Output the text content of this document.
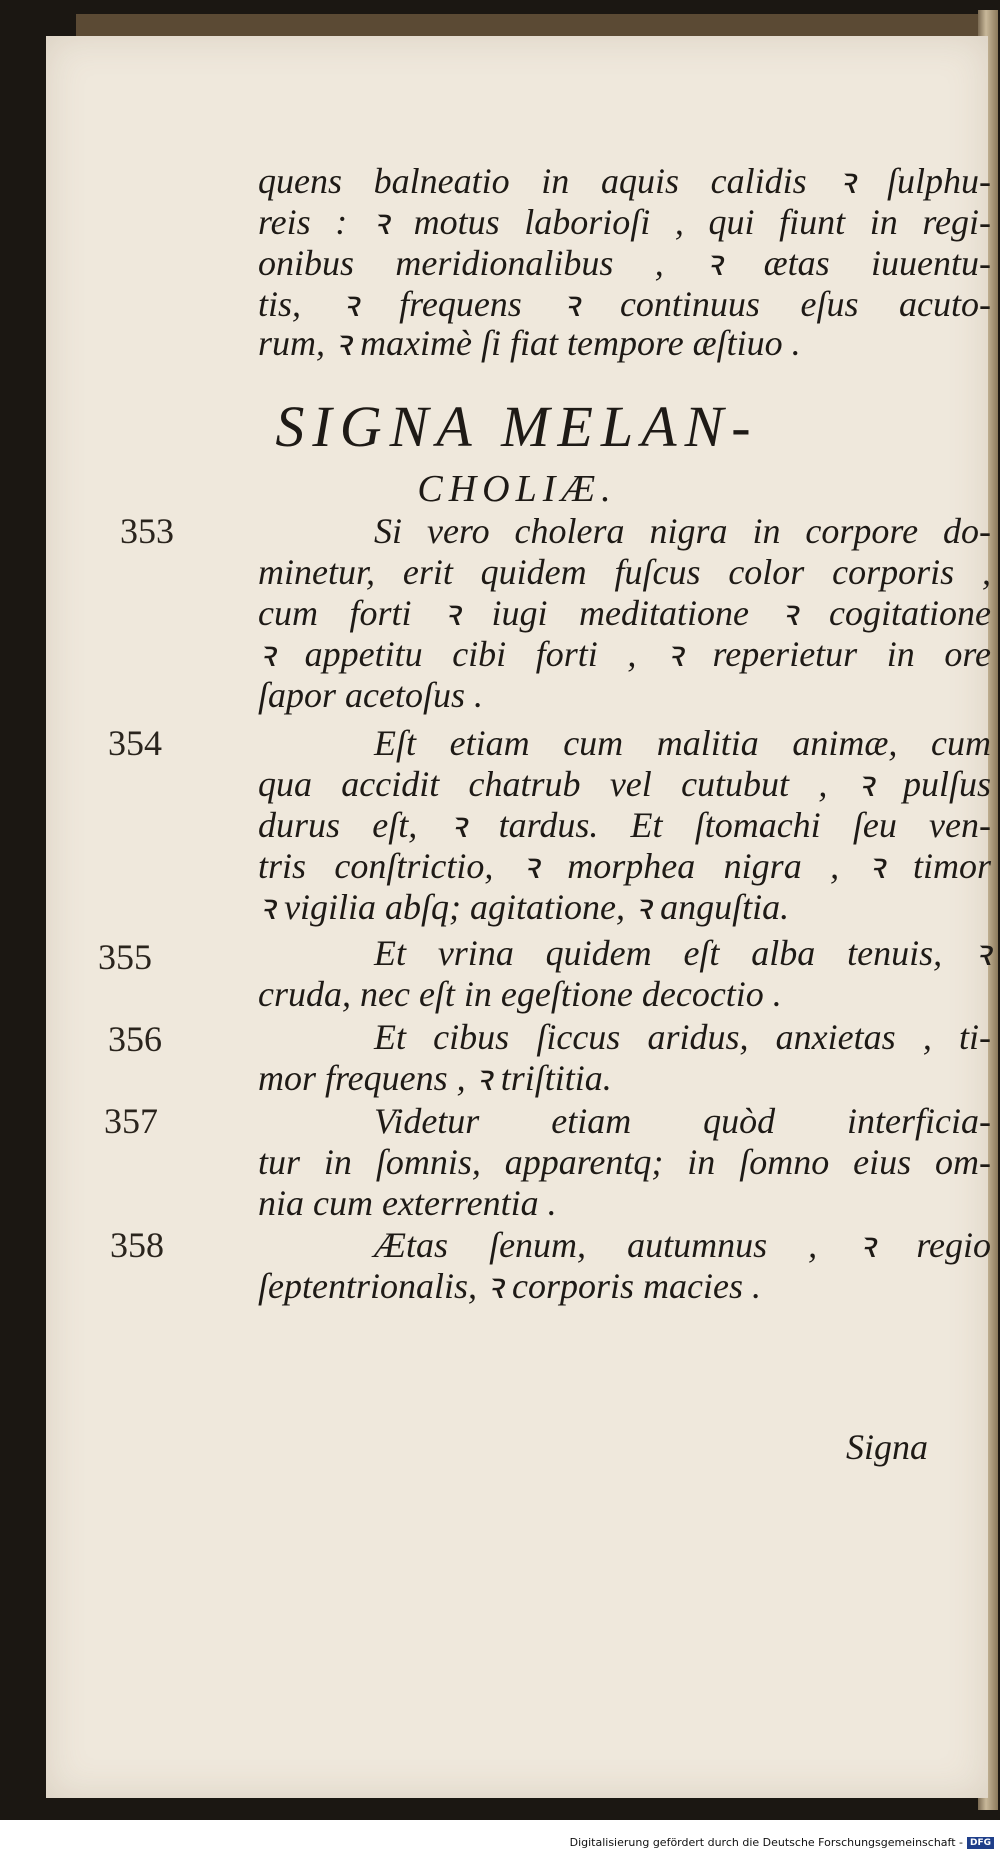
quens balneatio in aquis calidis ꝛ ſulphu-
reis : ꝛ motus laborioſi , qui fiunt in regi-
onibus meridionalibus , ꝛ ætas iuuentu-
tis, ꝛ frequens ꝛ continuus eſus acuto-
rum, ꝛ maximè ſi fiat tempore æſtiuo .
SIGNA MELAN-
CHOLIÆ.
353	Si vero cholera nigra in corpore do-
minetur, erit quidem fuſcus color corporis ,
cum forti ꝛ iugi meditatione ꝛ cogitatione
ꝛ appetitu cibi forti , ꝛ reperietur in ore
ſapor acetoſus .
354	Eſt etiam cum malitia animæ, cum
qua accidit chatrub vel cutubut , ꝛ pulſus
durus eſt, ꝛ tardus. Et ſtomachi ſeu ven-
tris conſtrictio, ꝛ morphea nigra , ꝛ timor
ꝛ vigilia abſq; agitatione, ꝛ anguſtia.
355	Et vrina quidem eſt alba tenuis, ꝛ
cruda, nec eſt in egeſtione decoctio .
356	Et cibus ſiccus aridus, anxietas , ti-
mor frequens , ꝛ triſtitia.
357	Videtur etiam quòd interficia-
tur in ſomnis, apparentq; in ſomno eius om-
nia cum exterrentia .
358	Ætas ſenum, autumnus , ꝛ regio
ſeptentrionalis, ꝛ corporis macies .
Signa
Digitalisierung gefördert durch die Deutsche Forschungsgemeinschaft - DFG
